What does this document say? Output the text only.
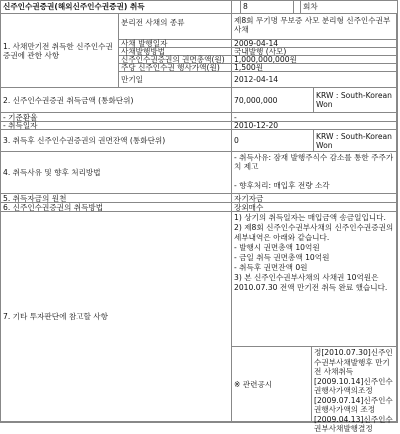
신주인수권증권(해외신주인수권증권) 취득	8	회차
1. 사채만기전 취득한 신주인수권증권에 관한 사항
분리전 사채의 종류	제8회 무기명 무보증 사모 분리형 신주인수권부사채
사채 발행일자	2009-04-14
사채발행방법	국내발행 (사모)
신주인수권증권의 권면총액(원)	1,000,000,000원
주당 신주인수권 행사가액(원)	1,500원
만기일	2012-04-14
2. 신주인수권증권 취득금액 (통화단위)	70,000,000	KRW : South-Korean Won
- 기준환율	-
- 취득일자	2010-12-20
3. 취득후 신주인수권증권의 권면잔액 (통화단위)	0	KRW : South-Korean Won
4. 취득사유 및 향후 처리방법
- 취득사유: 잠재 발행주식수 감소를 통한 주주가치 제고
- 향후처리: 매입후 전량 소각
5. 취득자금의 원천	자기자금
6. 신주인수권증권의 취득방법	장외매수
7. 기타 투자판단에 참고할 사항
1) 상기의 취득일자는 매입금액 송금일입니다.
2) 제8회 신주인수권부사채의 신주인수권증권의 세부내역은 아래와 같습니다.
- 발행시 권면총액 10억원
- 금일 취득 권면총액 10억원
- 취득후 권면잔액 0원
3) 본 신주인수권부사채의 사채권 10억원은 2010.07.30 전액 만기전 취득 완료 했습니다.
※ 관련공시
정[2010.07.30]신주인수권부사채발행후 만기전 사채취득
[2009.10.14]신주인수권행사가액의조정
[2009.07.14]신주인수권행사가액의 조정
[2009.04.13]신주인수권부사채발행결정
